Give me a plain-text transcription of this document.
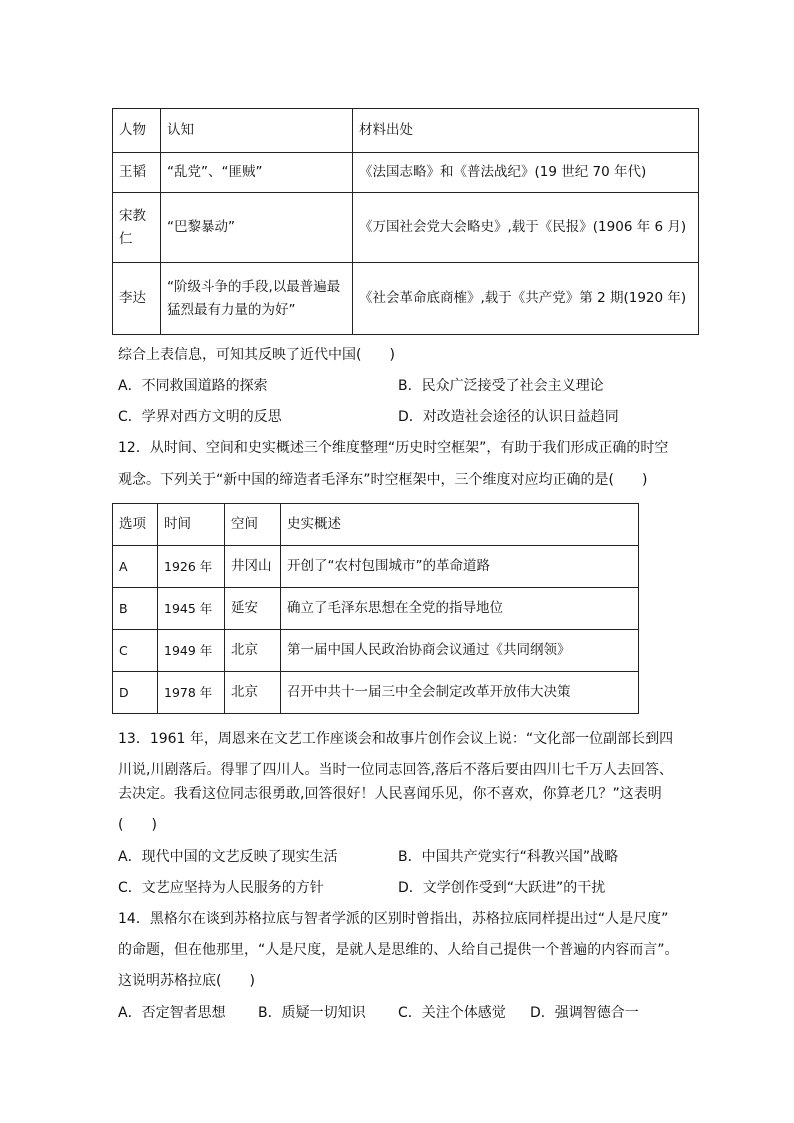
人物	认知	材料出处
王韬	“乱党”、“匪贼”	《法国志略》和《普法战纪》(19 世纪 70 年代)
宋教仁	“巴黎暴动”	《万国社会党大会略史》,载于《民报》(1906 年 6 月)
李达	“阶级斗争的手段,以最普遍最猛烈最有力量的为好”	《社会革命底商榷》,载于《共产党》第 2 期(1920 年)
综合上表信息，可知其反映了近代中国(　　)
A．不同救国道路的探索	B．民众广泛接受了社会主义理论
C．学界对西方文明的反思	D．对改造社会途径的认识日益趋同
12．从时间、空间和史实概述三个维度整理“历史时空框架”，有助于我们形成正确的时空
观念。下列关于“新中国的缔造者毛泽东”时空框架中，三个维度对应均正确的是(　　)
选项	时间	空间	史实概述
A	1926 年	井冈山	开创了“农村包围城市”的革命道路
B	1945 年	延安	确立了毛泽东思想在全党的指导地位
C	1949 年	北京	第一届中国人民政治协商会议通过《共同纲领》
D	1978 年	北京	召开中共十一届三中全会制定改革开放伟大决策
13．1961 年，周恩来在文艺工作座谈会和故事片创作会议上说：“文化部一位副部长到四
川说,川剧落后。得罪了四川人。当时一位同志回答,落后不落后要由四川七千万人去回答、
去决定。我看这位同志很勇敢,回答很好！人民喜闻乐见，你不喜欢，你算老几？”这表明
(　　)
A．现代中国的文艺反映了现实生活	B．中国共产党实行“科教兴国”战略
C．文艺应坚持为人民服务的方针	D．文学创作受到“大跃进”的干扰
14．黑格尔在谈到苏格拉底与智者学派的区别时曾指出，苏格拉底同样提出过“人是尺度”
的命题，但在他那里，“人是尺度，是就人是思维的、人给自己提供一个普遍的内容而言”。
这说明苏格拉底(　　)
A．否定智者思想 B．质疑一切知识 C．关注个体感觉 D．强调智德合一
